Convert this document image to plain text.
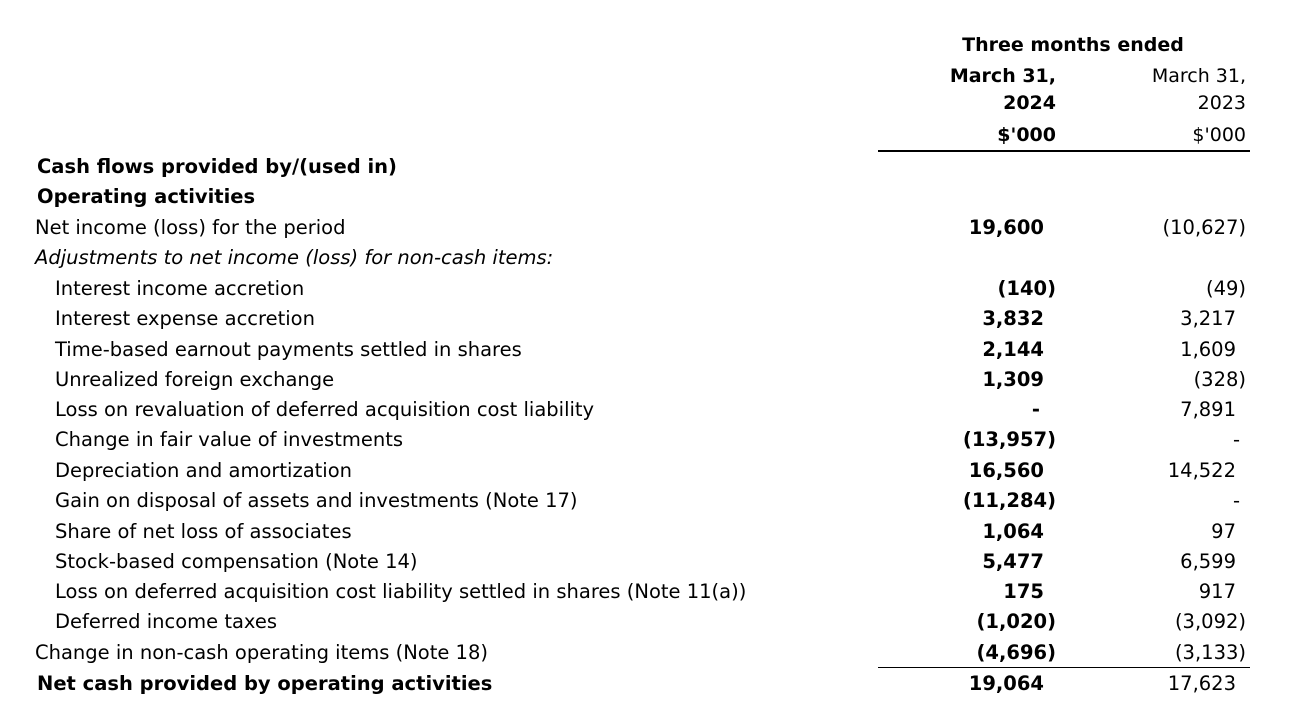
Three months ended
March 31,
2024
$'000
March 31,
2023
$'000
Cash flows provided by/(used in)
Operating activities
Net income (loss) for the period	19,600	(10,627)
Adjustments to net income (loss) for non-cash items:
Interest income accretion	(140)	(49)
Interest expense accretion	3,832	3,217
Time-based earnout payments settled in shares	2,144	1,609
Unrealized foreign exchange	1,309	(328)
Loss on revaluation of deferred acquisition cost liability	-	7,891
Change in fair value of investments	(13,957)	-
Depreciation and amortization	16,560	14,522
Gain on disposal of assets and investments (Note 17)	(11,284)	-
Share of net loss of associates	1,064	97
Stock-based compensation (Note 14)	5,477	6,599
Loss on deferred acquisition cost liability settled in shares (Note 11(a))	175	917
Deferred income taxes	(1,020)	(3,092)
Change in non-cash operating items (Note 18)	(4,696)	(3,133)
Net cash provided by operating activities	19,064	17,623
